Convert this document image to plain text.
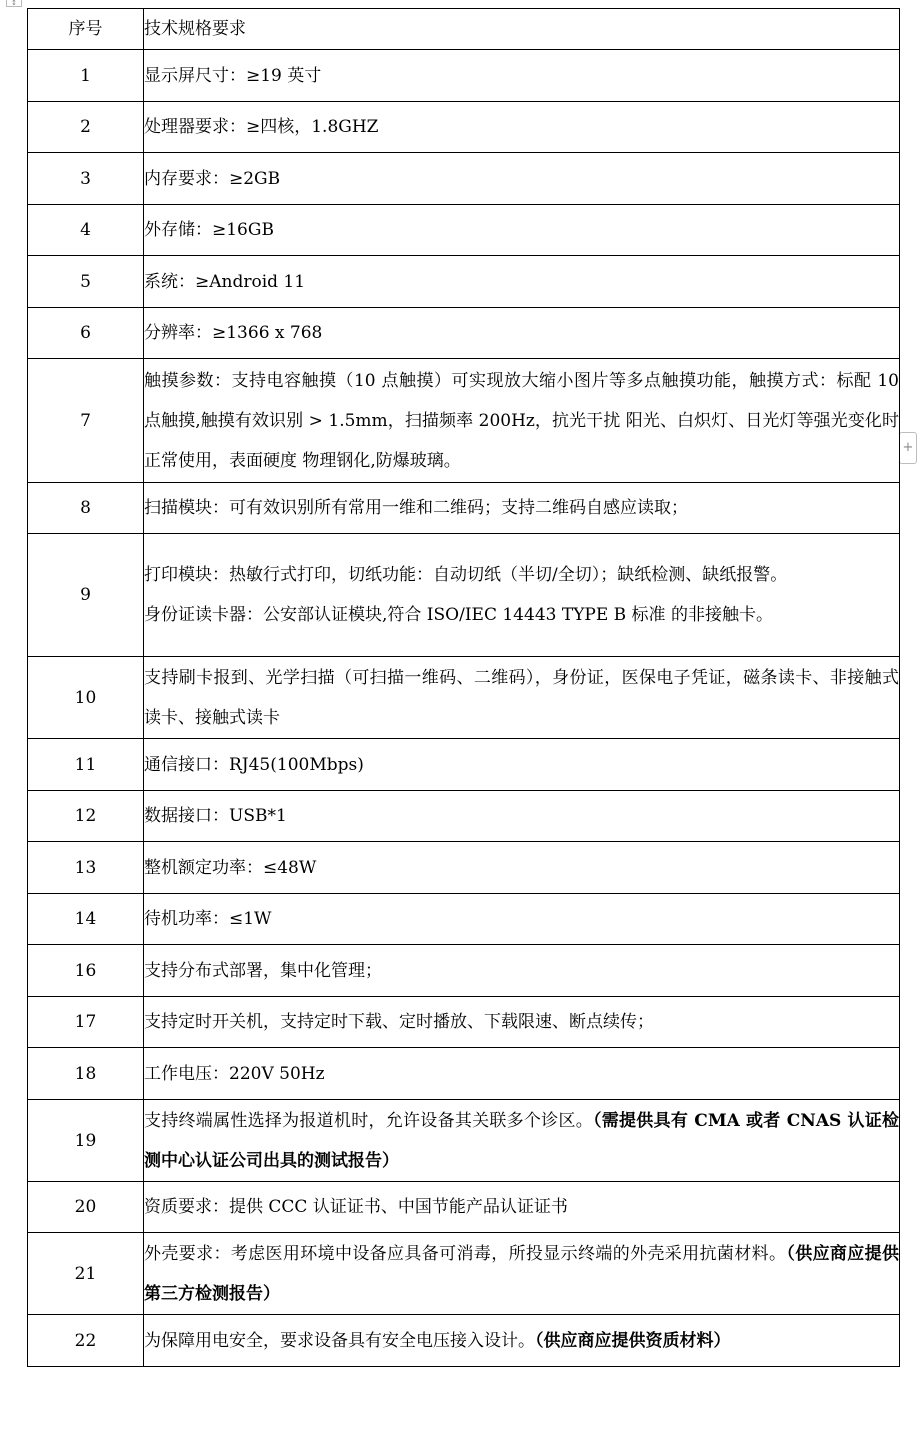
↕
+
序号	技术规格要求
1	显示屏尺寸：≥19 英寸
2	处理器要求：≥四核，1.8GHZ
3	内存要求：≥2GB
4	外存储：≥16GB
5	系统：≥Android 11
6	分辨率：≥1366 x 768
7	触摸参数：支持电容触摸（10 点触摸）可实现放大缩小图片等多点触摸功能，触摸方式：标配 10 点触摸,触摸有效识别 > 1.5mm，扫描频率 200Hz，抗光干扰 阳光、白炽灯、日光灯等强光变化时正常使用，表面硬度 物理钢化,防爆玻璃。
8	扫描模块：可有效识别所有常用一维和二维码；支持二维码自感应读取；
9	打印模块：热敏行式打印，切纸功能：自动切纸（半切/全切）；缺纸检测、缺纸报警。
身份证读卡器：公安部认证模块,符合 ISO/IEC 14443 TYPE B 标准 的非接触卡。

10	支持刷卡报到、光学扫描（可扫描一维码、二维码），身份证，医保电子凭证，磁条读卡、非接触式读卡、接触式读卡
11	通信接口：RJ45(100Mbps)
12	数据接口：USB*1
13	整机额定功率：≤48W
14	待机功率：≤1W
16	支持分布式部署，集中化管理；
17	支持定时开关机，支持定时下载、定时播放、下载限速、断点续传；
18	工作电压：220V 50Hz
19	支持终端属性选择为报道机时，允许设备其关联多个诊区。（需提供具有 CMA 或者 CNAS 认证检测中心认证公司出具的测试报告）
20	资质要求：提供 CCC 认证证书、中国节能产品认证证书
21	外壳要求：考虑医用环境中设备应具备可消毒，所投显示终端的外壳采用抗菌材料。（供应商应提供第三方检测报告）
22	为保障用电安全，要求设备具有安全电压接入设计。（供应商应提供资质材料）
